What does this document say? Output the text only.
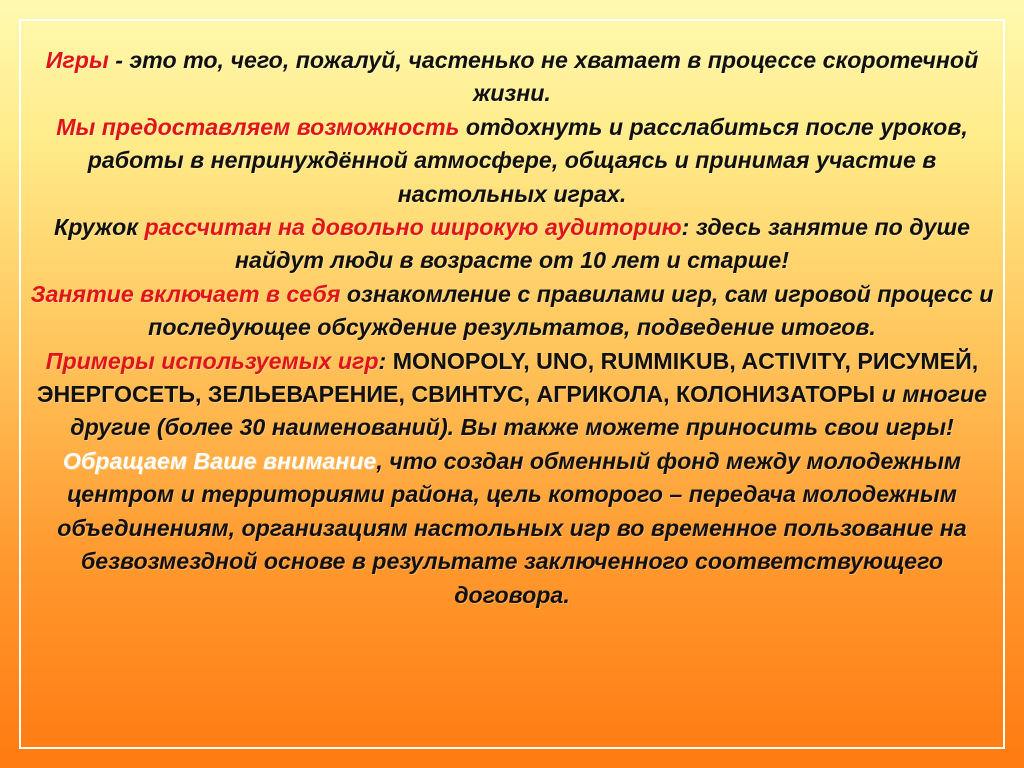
Игры - это то, чего, пожалуй, частенько не хватает в процессе скоротечной жизни.

Мы предоставляем возможность отдохнуть и расслабиться после уроков, работы в непринуждённой атмосфере, общаясь и принимая участие в настольных играх.

Кружок рассчитан на довольно широкую аудиторию: здесь занятие по душе найдут люди в возрасте от 10 лет и старше!

Занятие включает в себя ознакомление с правилами игр, сам игровой процесс и последующее обсуждение результатов, подведение итогов.

Примеры используемых игр: MONOPOLY, UNO, RUMMIKUB, ACTIVITY, РИСУМЕЙ, ЭНЕРГОСЕТЬ, ЗЕЛЬЕВАРЕНИЕ, СВИНТУС, АГРИКОЛА, КОЛОНИЗАТОРЫ и многие другие (более 30 наименований). Вы также можете приносить свои игры!

Обращаем Ваше внимание, что создан обменный фонд между молодежным центром и территориями района, цель которого – передача молодежным объединениям, организациям настольных игр во временное пользование на безвозмездной основе в результате заключенного соответствующего договора.
